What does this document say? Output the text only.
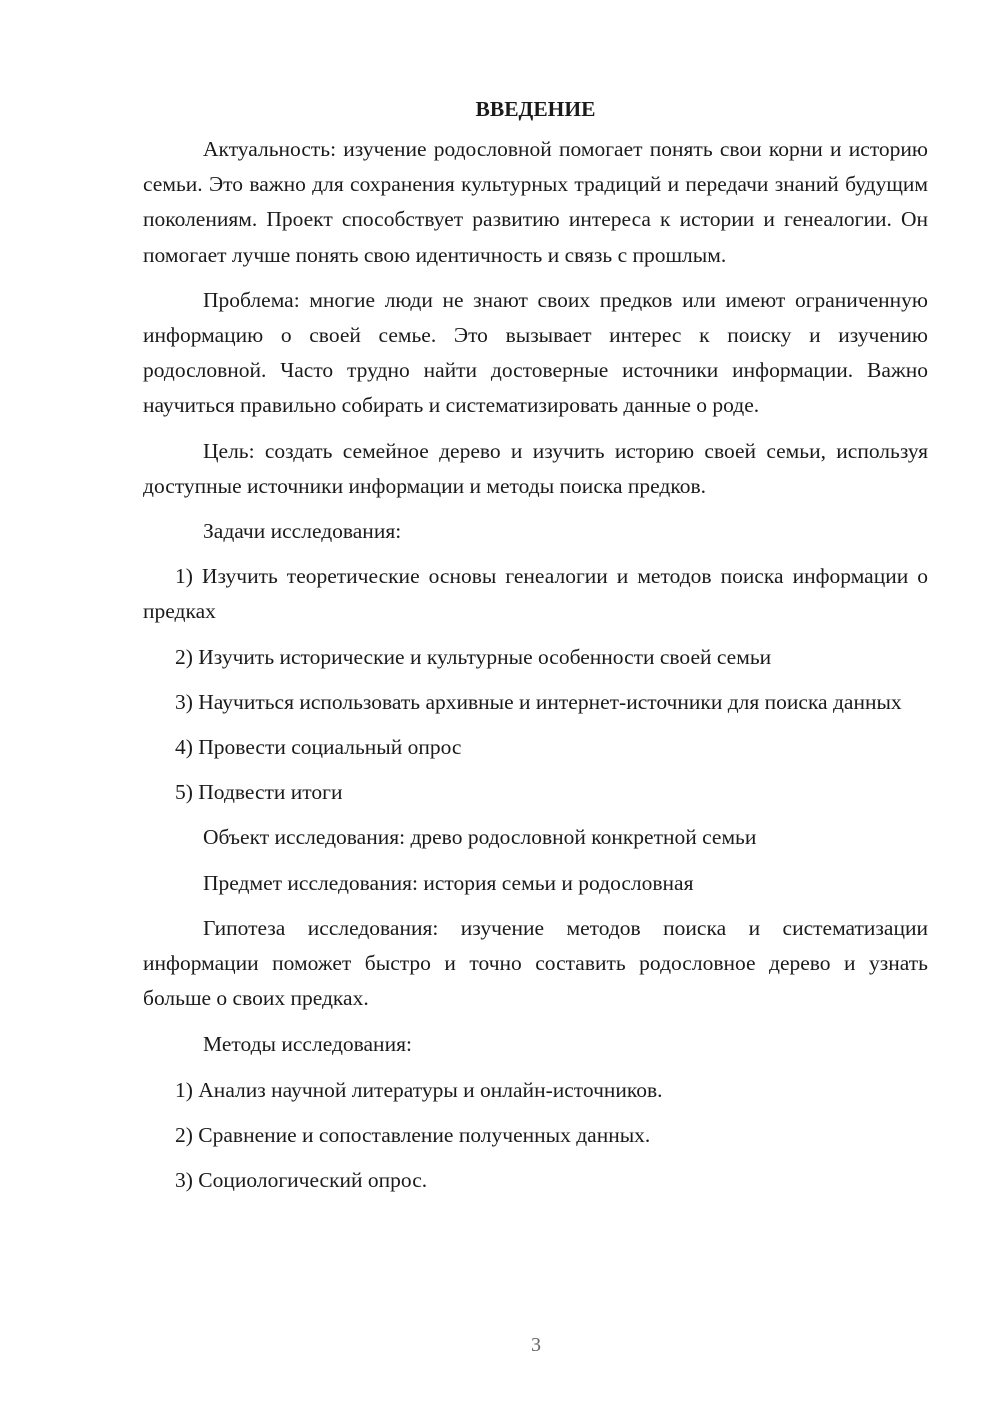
ВВЕДЕНИЕ

Актуальность: изучение родословной помогает понять свои корни и историю семьи. Это важно для сохранения культурных традиций и передачи знаний будущим поколениям. Проект способствует развитию интереса к истории и генеалогии. Он помогает лучше понять свою идентичность и связь с прошлым.

Проблема: многие люди не знают своих предков или имеют ограниченную информацию о своей семье. Это вызывает интерес к поиску и изучению родословной. Часто трудно найти достоверные источники информации. Важно научиться правильно собирать и систематизировать данные о роде.

Цель: создать семейное дерево и изучить историю своей семьи, используя доступные источники информации и методы поиска предков.

Задачи исследования:

1) Изучить теоретические основы генеалогии и методов поиска информации о предках

2) Изучить исторические и культурные особенности своей семьи

3) Научиться использовать архивные и интернет-источники для поиска данных

4) Провести социальный опрос

5) Подвести итоги

Объект исследования: древо родословной конкретной семьи

Предмет исследования: история семьи и родословная

Гипотеза исследования: изучение методов поиска и систематизации информации поможет быстро и точно составить родословное дерево и узнать больше о своих предках.

Методы исследования:

1) Анализ научной литературы и онлайн-источников.

2) Сравнение и сопоставление полученных данных.

3) Социологический опрос.

3
